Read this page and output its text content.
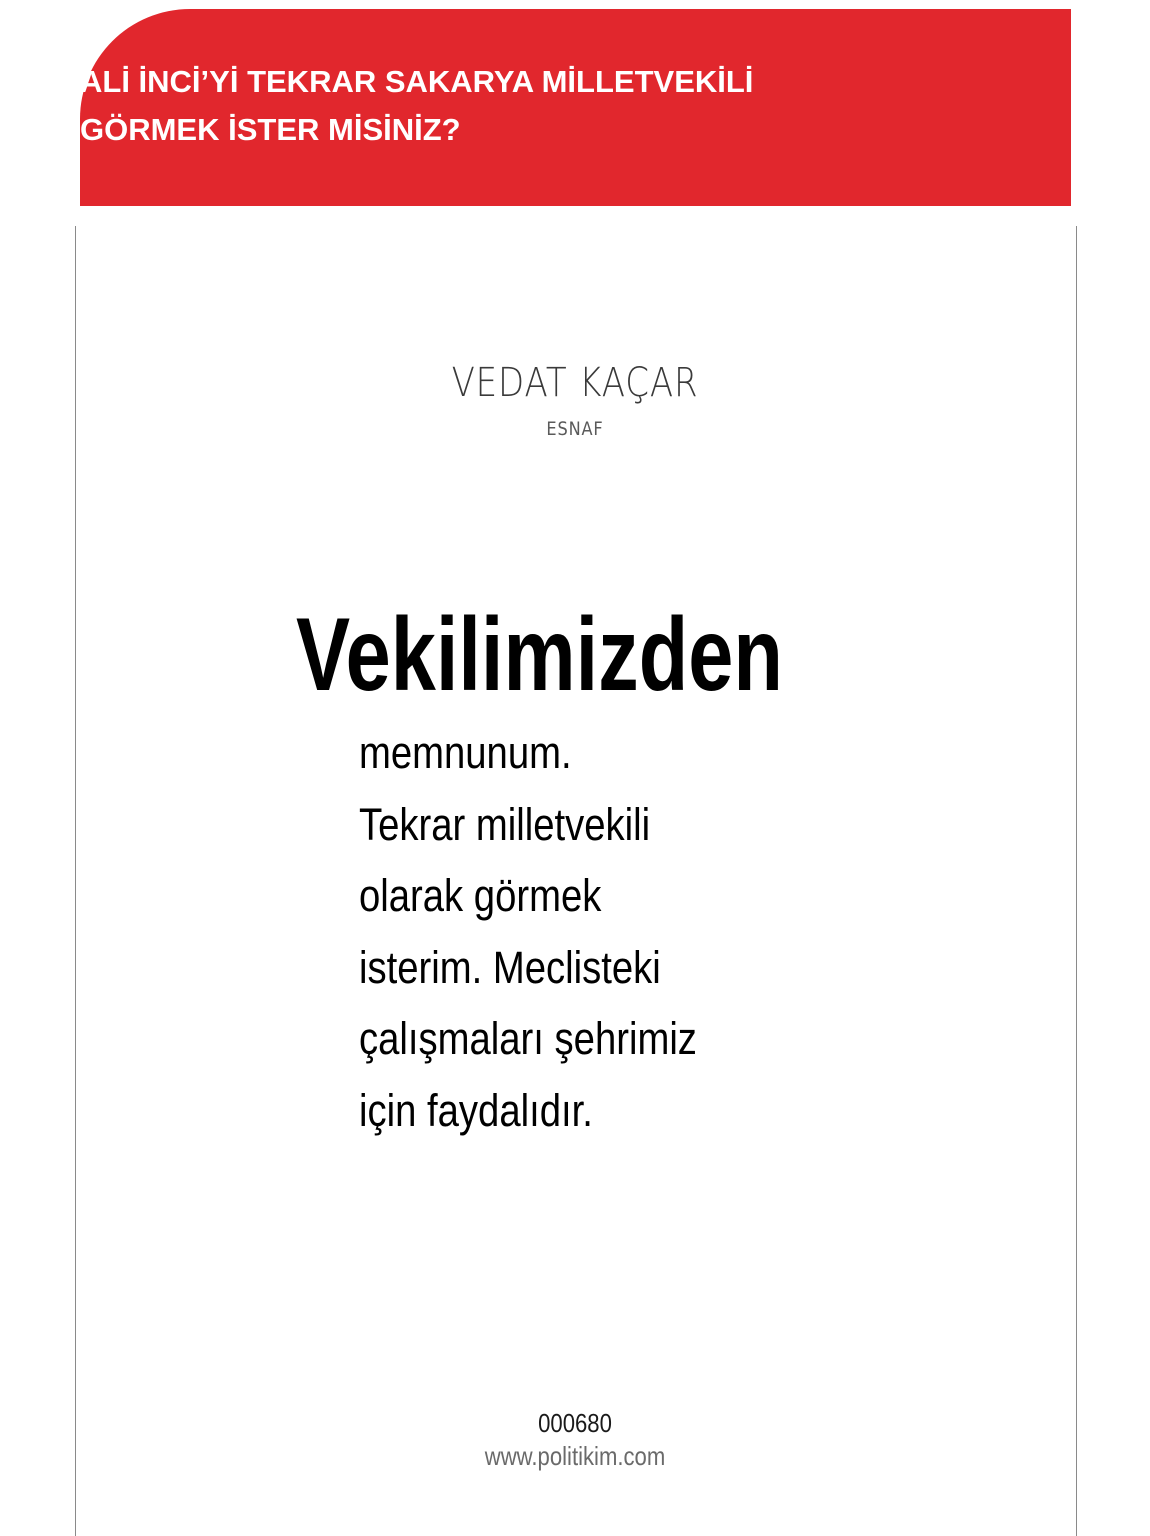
ALİ İNCİ’Yİ TEKRAR SAKARYA MİLLETVEKİLİ
GÖRMEK İSTER MİSİNİZ?
VEDAT KAÇAR
ESNAF
Vekilimizden
memnunum.
Tekrar milletvekili
olarak görmek
isterim. Meclisteki
çalışmaları şehrimiz
için faydalıdır.
000680
www.politikim.com
